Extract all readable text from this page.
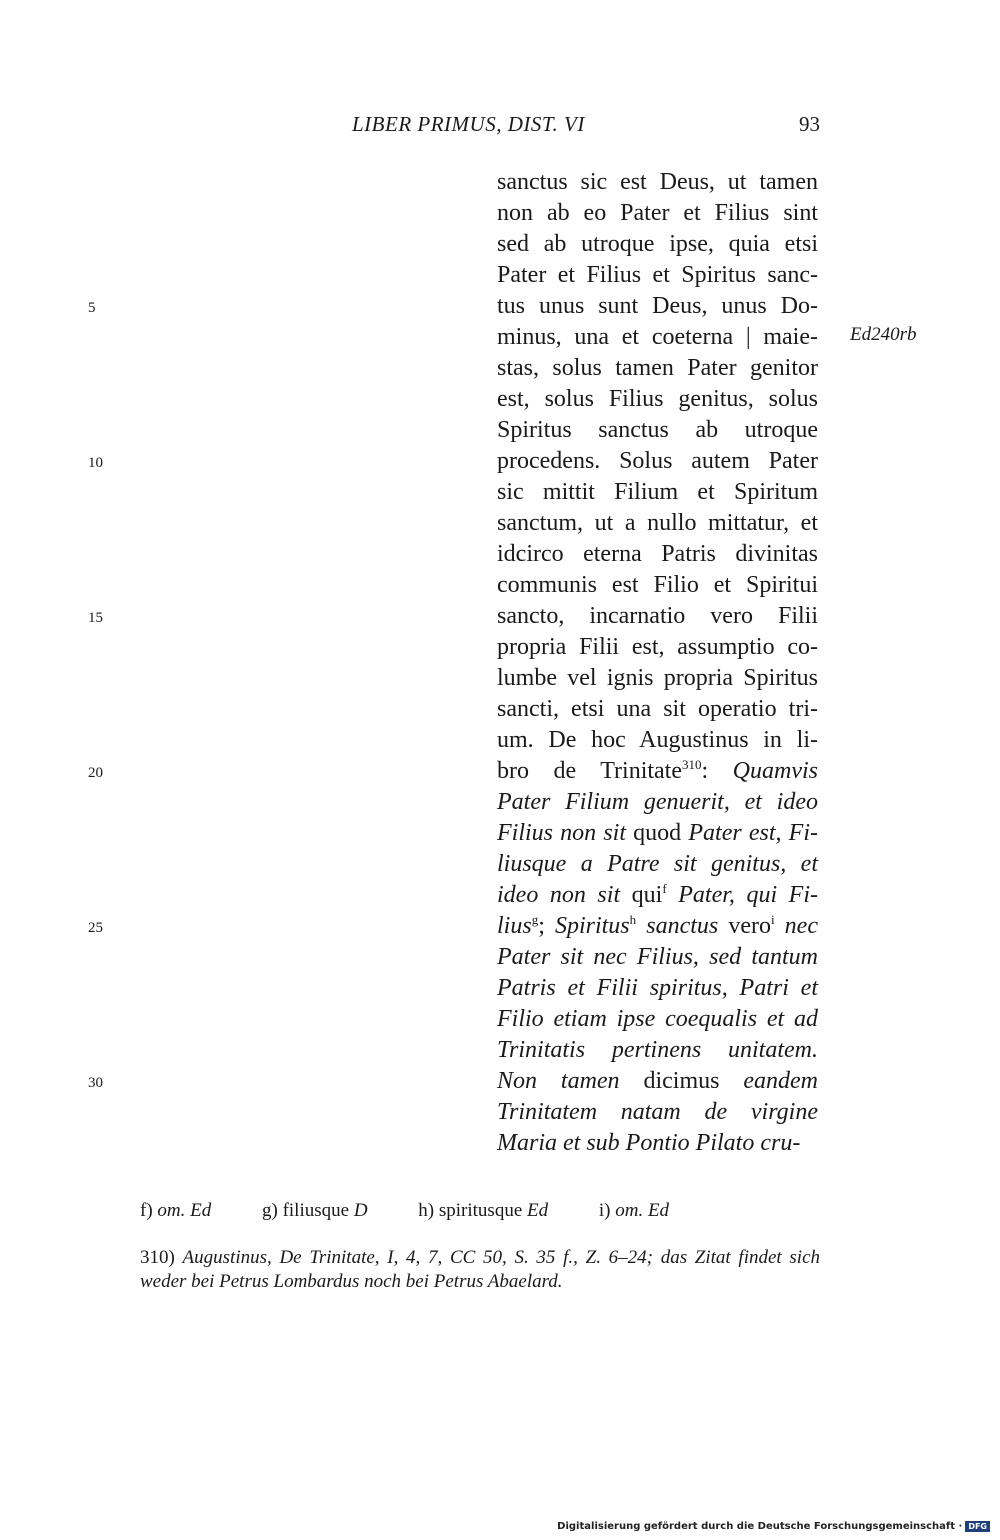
LIBER PRIMUS, DIST. VI	93
5
10
15
20
25
30
Ed240rb
sanctus sic est Deus, ut tamen
non ab eo Pater et Filius sint
sed ab utroque ipse, quia etsi
Pater et Filius et Spiritus sanc-
tus unus sunt Deus, unus Do-
minus, una et coeterna | maie-
stas, solus tamen Pater genitor
est, solus Filius genitus, solus
Spiritus sanctus ab utroque
procedens. Solus autem Pater
sic mittit Filium et Spiritum
sanctum, ut a nullo mittatur, et
idcirco eterna Patris divinitas
communis est Filio et Spiritui
sancto, incarnatio vero Filii
propria Filii est, assumptio co-
lumbe vel ignis propria Spiritus
sancti, etsi una sit operatio tri-
um. De hoc Augustinus in li-
bro de Trinitate$^{310}$: Quamvis
Pater Filium genuerit, et ideo
Filius non sit quod Pater est, Fi-
liusque a Patre sit genitus, et
ideo non sit qui$^f$ Pater, qui Fi-
lius$^g$; Spiritus$^h$ sanctus vero$^i$ nec
Pater sit nec Filius, sed tantum
Patris et Filii spiritus, Patri et
Filio etiam ipse coequalis et ad
Trinitatis pertinens unitatem.
Non tamen dicimus eandem
Trinitatem natam de virgine
Maria et sub Pontio Pilato cru-
f) om. Ed	g) filiusque D	h) spiritusque Ed	i) om. Ed
310) Augustinus, De Trinitate, I, 4, 7, CC 50, S. 35 f., Z. 6–24; das Zitat findet sich weder bei Petrus Lombardus noch bei Petrus Abaelard.
Digitalisierung gefördert durch die Deutsche Forschungsgemeinschaft · DFG
